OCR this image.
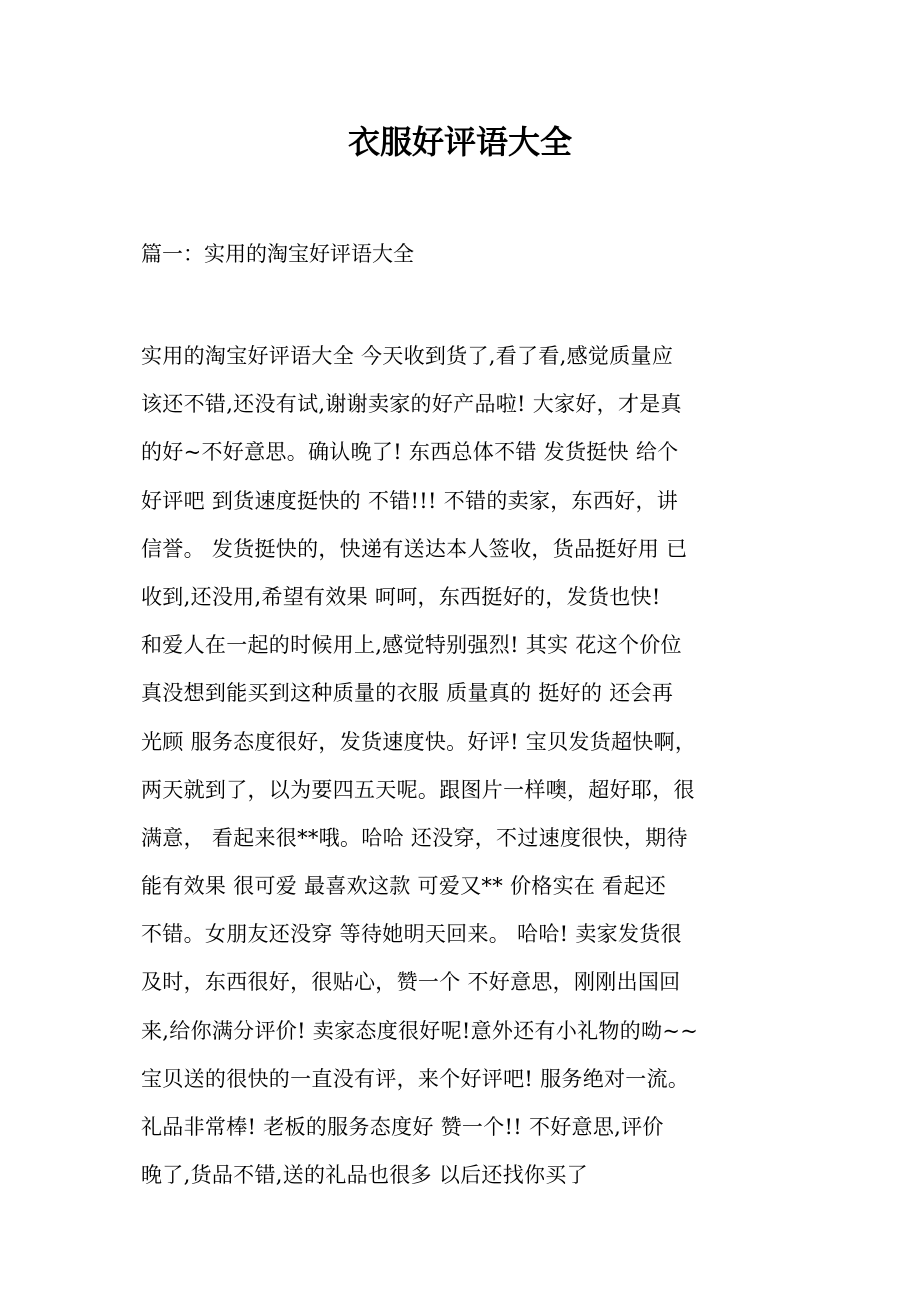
衣服好评语大全

篇一：实用的淘宝好评语大全

实用的淘宝好评语大全 今天收到货了,看了看,感觉质量应
该还不错,还没有试,谢谢卖家的好产品啦! 大家好，才是真
的好~不好意思。确认晚了! 东西总体不错 发货挺快 给个
好评吧 到货速度挺快的 不错!!! 不错的卖家，东西好，讲
信誉。 发货挺快的，快递有送达本人签收，货品挺好用 已
收到,还没用,希望有效果 呵呵，东西挺好的，发货也快!
和爱人在一起的时候用上,感觉特别强烈! 其实 花这个价位
真没想到能买到这种质量的衣服 质量真的 挺好的 还会再
光顾 服务态度很好，发货速度快。好评! 宝贝发货超快啊，
两天就到了，以为要四五天呢。跟图片一样噢，超好耶，很
满意， 看起来很**哦。哈哈 还没穿，不过速度很快，期待
能有效果 很可爱 最喜欢这款 可爱又** 价格实在 看起还
不错。女朋友还没穿 等待她明天回来。 哈哈! 卖家发货很
及时，东西很好，很贴心，赞一个 不好意思，刚刚出国回
来,给你满分评价! 卖家态度很好呢!意外还有小礼物的呦~~
宝贝送的很快的一直没有评，来个好评吧! 服务绝对一流。
礼品非常棒! 老板的服务态度好 赞一个!! 不好意思,评价
晚了,货品不错,送的礼品也很多 以后还找你买了
